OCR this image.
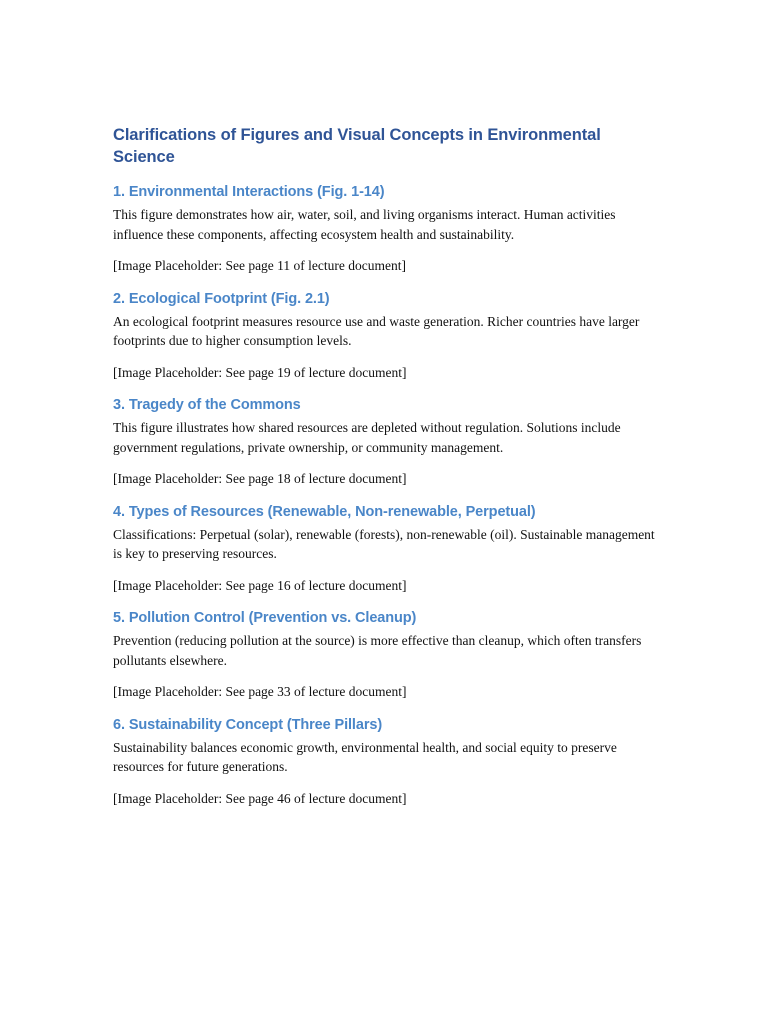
Clarifications of Figures and Visual Concepts in Environmental Science
1. Environmental Interactions (Fig. 1-14)

This figure demonstrates how air, water, soil, and living organisms interact. Human activities influence these components, affecting ecosystem health and sustainability.

[Image Placeholder: See page 11 of lecture document]

2. Ecological Footprint (Fig. 2.1)

An ecological footprint measures resource use and waste generation. Richer countries have larger footprints due to higher consumption levels.

[Image Placeholder: See page 19 of lecture document]

3. Tragedy of the Commons

This figure illustrates how shared resources are depleted without regulation. Solutions include government regulations, private ownership, or community management.

[Image Placeholder: See page 18 of lecture document]

4. Types of Resources (Renewable, Non-renewable, Perpetual)

Classifications: Perpetual (solar), renewable (forests), non-renewable (oil). Sustainable management is key to preserving resources.

[Image Placeholder: See page 16 of lecture document]

5. Pollution Control (Prevention vs. Cleanup)

Prevention (reducing pollution at the source) is more effective than cleanup, which often transfers pollutants elsewhere.

[Image Placeholder: See page 33 of lecture document]

6. Sustainability Concept (Three Pillars)

Sustainability balances economic growth, environmental health, and social equity to preserve resources for future generations.

[Image Placeholder: See page 46 of lecture document]
